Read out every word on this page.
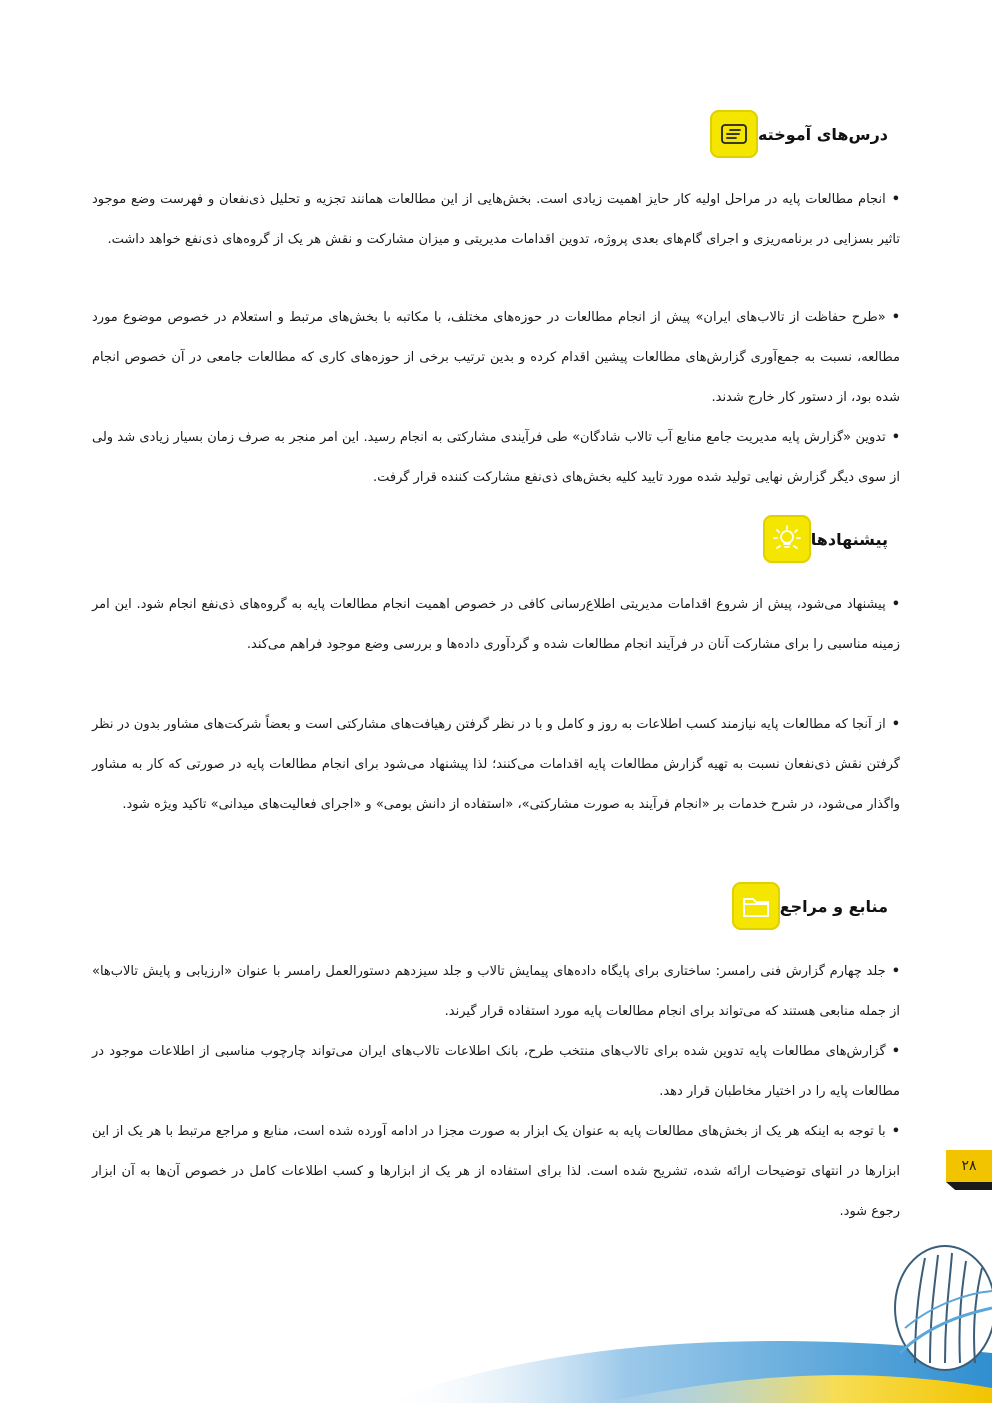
درس‌های آموخته

•انجام مطالعات پایه در مراحل اولیه کار حایز اهمیت زیادی است. بخش‌هایی از این مطالعات همانند تجزیه و تحلیل ذی‌نفعان و فهرست وضع موجود تاثیر بسزایی در برنامه‌ریزی و اجرای گام‌های بعدی پروژه، تدوین اقدامات مدیریتی و میزان مشارکت و نقش هر یک از گروه‌های ذی‌نفع خواهد داشت.

•«طرح حفاظت از تالاب‌های ایران» پیش از انجام مطالعات در حوزه‌های مختلف، با مکاتبه با بخش‌های مرتبط و استعلام در خصوص موضوع مورد مطالعه، نسبت به جمع‌آوری گزارش‌های مطالعات پیشین اقدام کرده و بدین ترتیب برخی از حوزه‌های کاری که مطالعات جامعی در آن خصوص انجام شده بود، از دستور کار خارج شدند.

•تدوین «گزارش پایه مدیریت جامع منابع آب تالاب شادگان» طی فرآیندی مشارکتی به انجام رسید. این امر منجر به صرف زمان بسیار زیادی شد ولی از سوی دیگر گزارش نهایی تولید شده مورد تایید کلیه بخش‌های ذی‌نفع مشارکت کننده قرار گرفت.

پیشنهادها

•پیشنهاد می‌شود، پیش از شروع اقدامات مدیریتی اطلاع‌رسانی کافی در خصوص اهمیت انجام مطالعات پایه به گروه‌های ذی‌نفع انجام شود. این امر زمینه مناسبی را برای مشارکت آنان در فرآیند انجام مطالعات شده و گردآوری داده‌ها و بررسی وضع موجود فراهم می‌کند.

•از آنجا که مطالعات پایه نیازمند کسب اطلاعات به روز و کامل و با در نظر گرفتن رهیافت‌های مشارکتی است و بعضاً شرکت‌های مشاور بدون در نظر گرفتن نقش ذی‌نفعان نسبت به تهیه گزارش مطالعات پایه اقدامات می‌کنند؛ لذا پیشنهاد می‌شود برای انجام مطالعات پایه در صورتی که کار به مشاور واگذار می‌شود، در شرح خدمات بر «انجام فرآیند به صورت مشارکتی»، «استفاده از دانش بومی» و «اجرای فعالیت‌های میدانی» تاکید ویژه شود.

منابع و مراجع

•جلد چهارم گزارش فنی رامسر: ساختاری برای پایگاه داده‌های پیمایش تالاب و جلد سیزدهم دستورالعمل رامسر با عنوان «ارزیابی و پایش تالاب‌ها» از جمله منابعی هستند که می‌تواند برای انجام مطالعات پایه مورد استفاده قرار گیرند.

•گزارش‌های مطالعات پایه تدوین شده برای تالاب‌های منتخب طرح، بانک اطلاعات تالاب‌های ایران می‌تواند چارچوب مناسبی از اطلاعات موجود در مطالعات پایه را در اختیار مخاطبان قرار دهد.

•با توجه به اینکه هر یک از بخش‌های مطالعات پایه به عنوان یک ابزار به صورت مجزا در ادامه آورده شده است، منابع و مراجع مرتبط با هر یک از این ابزارها در انتهای توضیحات ارائه شده، تشریح شده است. لذا برای استفاده از هر یک از ابزارها و کسب اطلاعات کامل در خصوص آن‌ها به آن ابزار رجوع شود.

۲۸
